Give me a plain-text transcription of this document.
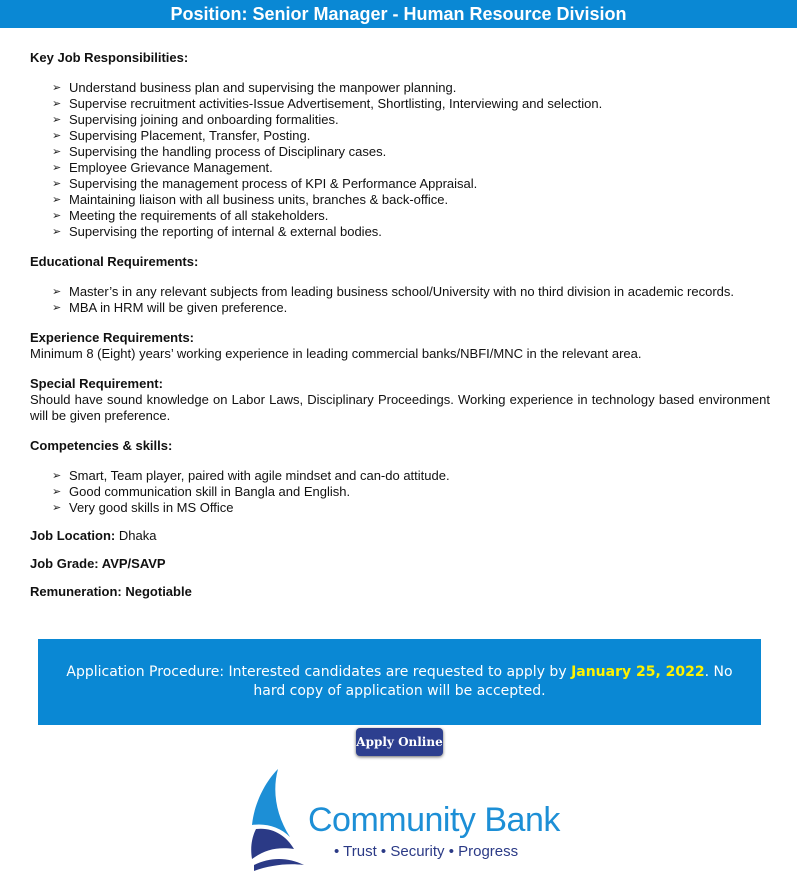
Position: Senior Manager - Human Resource Division
Key Job Responsibilities:
➢ Understand business plan and supervising the manpower planning.
➢ Supervise recruitment activities-Issue Advertisement, Shortlisting, Interviewing and selection.
➢ Supervising joining and onboarding formalities.
➢ Supervising Placement, Transfer, Posting.
➢ Supervising the handling process of Disciplinary cases.
➢ Employee Grievance Management.
➢ Supervising the management process of KPI & Performance Appraisal.
➢ Maintaining liaison with all business units, branches & back-office.
➢ Meeting the requirements of all stakeholders.
➢ Supervising the reporting of internal & external bodies.
Educational Requirements:
➢ Master’s in any relevant subjects from leading business school/University with no third division in academic records.
➢ MBA in HRM will be given preference.
Experience Requirements:

Minimum 8 (Eight) years’ working experience in leading commercial banks/NBFI/MNC in the relevant area.

Special Requirement:

Should have sound knowledge on Labor Laws, Disciplinary Proceedings. Working experience in technology based environment will be given preference.

Competencies & skills:
➢ Smart, Team player, paired with agile mindset and can-do attitude.
➢ Good communication skill in Bangla and English.
➢ Very good skills in MS Office
Job Location: Dhaka
Job Grade: AVP/SAVP
Remuneration: Negotiable
Application Procedure: Interested candidates are requested to apply by January 25, 2022. No hard copy of application will be accepted.
Apply Online
Community Bank
• Trust • Security • Progress
